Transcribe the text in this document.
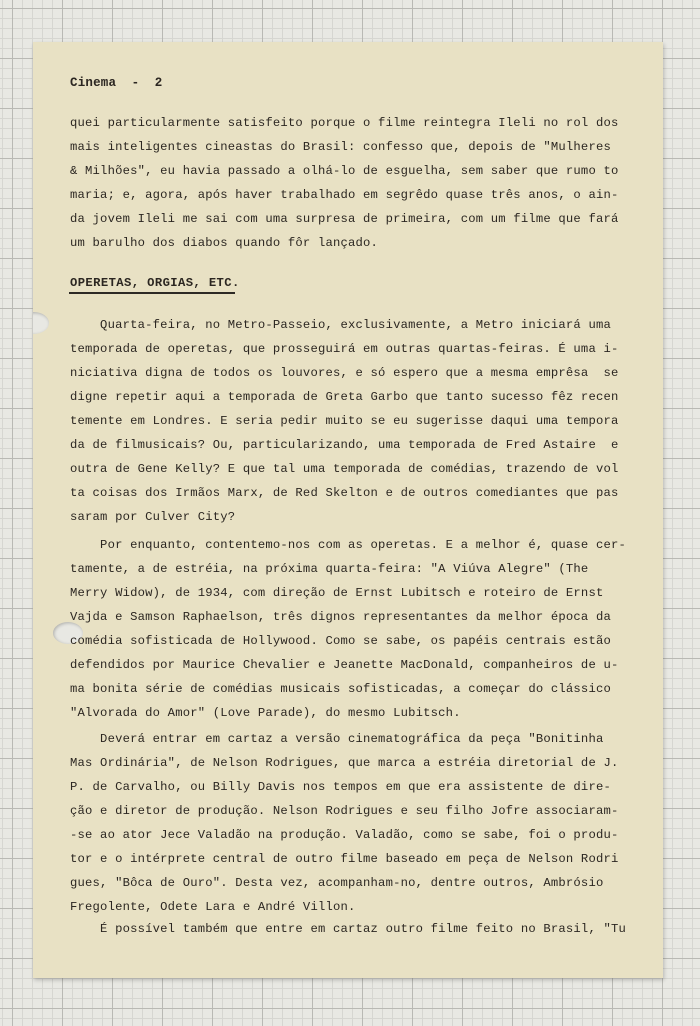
Cinema  -  2

quei particularmente satisfeito porque o filme reintegra Ileli no rol dos

mais inteligentes cineastas do Brasil: confesso que, depois de "Mulheres

& Milhões", eu havia passado a olhá-lo de esguelha, sem saber que rumo to

maria; e, agora, após haver trabalhado em segrêdo quase três anos, o ain-

da jovem Ileli me sai com uma surpresa de primeira, com um filme que fará

um barulho dos diabos quando fôr lançado.

OPERETAS, ORGIAS, ETC.

Quarta-feira, no Metro-Passeio, exclusivamente, a Metro iniciará uma

temporada de operetas, que prosseguirá em outras quartas-feiras. É uma i-

niciativa digna de todos os louvores, e só espero que a mesma emprêsa  se

digne repetir aqui a temporada de Greta Garbo que tanto sucesso fêz recen

temente em Londres. E seria pedir muito se eu sugerisse daqui uma tempora

da de filmusicais? Ou, particularizando, uma temporada de Fred Astaire  e

outra de Gene Kelly? E que tal uma temporada de comédias, trazendo de vol

ta coisas dos Irmãos Marx, de Red Skelton e de outros comediantes que pas

saram por Culver City?

Por enquanto, contentemo-nos com as operetas. E a melhor é, quase cer-

tamente, a de estréia, na próxima quarta-feira: "A Viúva Alegre" (The

Merry Widow), de 1934, com direção de Ernst Lubitsch e roteiro de Ernst

Vajda e Samson Raphaelson, três dignos representantes da melhor época da

comédia sofisticada de Hollywood. Como se sabe, os papéis centrais estão

defendidos por Maurice Chevalier e Jeanette MacDonald, companheiros de u-

ma bonita série de comédias musicais sofisticadas, a começar do clássico

"Alvorada do Amor" (Love Parade), do mesmo Lubitsch.

Deverá entrar em cartaz a versão cinematográfica da peça "Bonitinha

Mas Ordinária", de Nelson Rodrigues, que marca a estréia diretorial de J.

P. de Carvalho, ou Billy Davis nos tempos em que era assistente de dire-

ção e diretor de produção. Nelson Rodrigues e seu filho Jofre associaram-

-se ao ator Jece Valadão na produção. Valadão, como se sabe, foi o produ-

tor e o intérprete central de outro filme baseado em peça de Nelson Rodri

gues, "Bôca de Ouro". Desta vez, acompanham-no, dentre outros, Ambrósio

Fregolente, Odete Lara e André Villon.

É possível também que entre em cartaz outro filme feito no Brasil, "Tu
